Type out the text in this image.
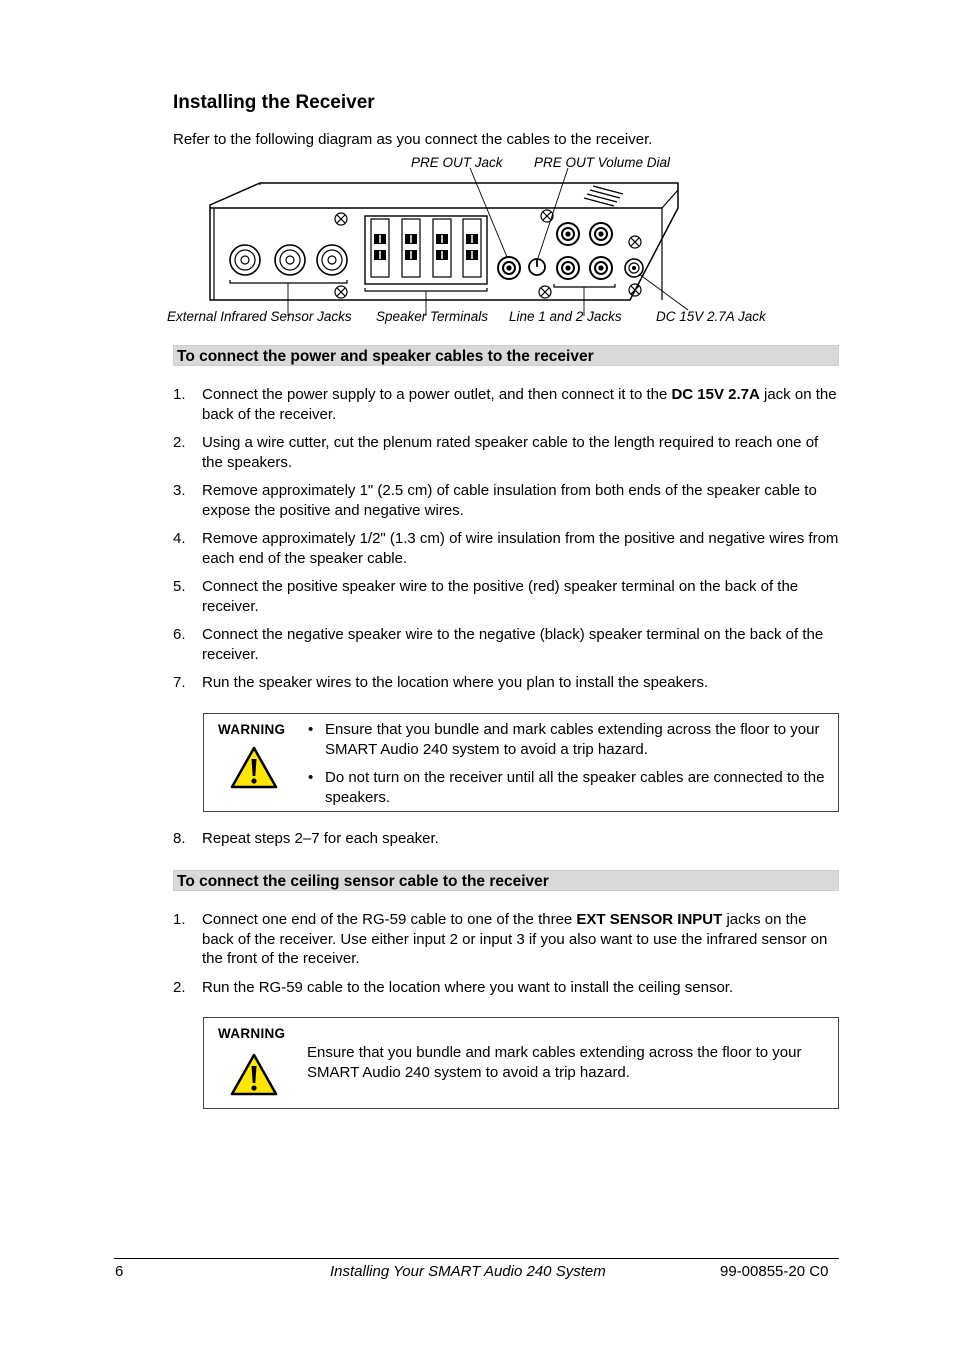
Installing the Receiver
Refer to the following diagram as you connect the cables to the receiver.
PRE OUT Jack PRE OUT Volume Dial
External Infrared Sensor Jacks Speaker Terminals Line 1 and 2 Jacks	DC 15V 2.7A Jack
To connect the power and speaker cables to the receiver
1. Connect the power supply to a power outlet, and then connect it to the DC 15V 2.7A jack on the back of the receiver.
2. Using a wire cutter, cut the plenum rated speaker cable to the length required to reach one of the speakers.
3. Remove approximately 1" (2.5 cm) of cable insulation from both ends of the speaker cable to expose the positive and negative wires.
4. Remove approximately 1/2" (1.3 cm) of wire insulation from the positive and negative wires from each end of the speaker cable.
5. Connect the positive speaker wire to the positive (red) speaker terminal on the back of the receiver.
6. Connect the negative speaker wire to the negative (black) speaker terminal on the back of the receiver.
7. Run the speaker wires to the location where you plan to install the speakers.
WARNING • Ensure that you bundle and mark cables extending across the floor to your SMART Audio 240 system to avoid a trip hazard.
• Do not turn on the receiver until all the speaker cables are connected to the speakers.
8. Repeat steps 2–7 for each speaker.
To connect the ceiling sensor cable to the receiver
1. Connect one end of the RG-59 cable to one of the three EXT SENSOR INPUT jacks on the back of the receiver. Use either input 2 or input 3 if you also want to use the infrared sensor on the front of the receiver.
2. Run the RG-59 cable to the location where you want to install the ceiling sensor.
WARNING
Ensure that you bundle and mark cables extending across the floor to your SMART Audio 240 system to avoid a trip hazard.
6	Installing Your SMART Audio 240 System	99-00855-20 C0
